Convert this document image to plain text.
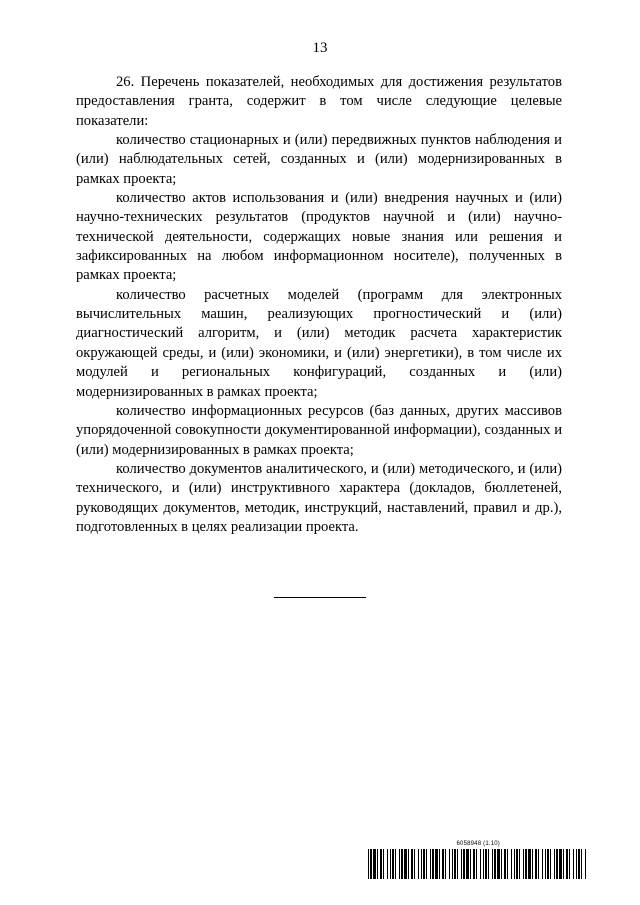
13

26. Перечень показателей, необходимых для достижения результатов предоставления гранта, содержит в том числе следующие целевые показатели:

количество стационарных и (или) передвижных пунктов наблюдения и (или) наблюдательных сетей, созданных и (или) модернизированных в рамках проекта;

количество актов использования и (или) внедрения научных и (или) научно-технических результатов (продуктов научной и (или) научно-технической деятельности, содержащих новые знания или решения и зафиксированных на любом информационном носителе), полученных в рамках проекта;

количество расчетных моделей (программ для электронных вычислительных машин, реализующих прогностический и (или) диагностический алгоритм, и (или) методик расчета характеристик окружающей среды, и (или) экономики, и (или) энергетики), в том числе их модулей и региональных конфигураций, созданных и (или) модернизированных в рамках проекта;

количество информационных ресурсов (баз данных, других массивов упорядоченной совокупности документированной информации), созданных и (или) модернизированных в рамках проекта;

количество документов аналитического, и (или) методического, и (или) технического, и (или) инструктивного характера (докладов, бюллетеней, руководящих документов, методик, инструкций, наставлений, правил и др.), подготовленных в целях реализации проекта.

6058948 (1.10)
